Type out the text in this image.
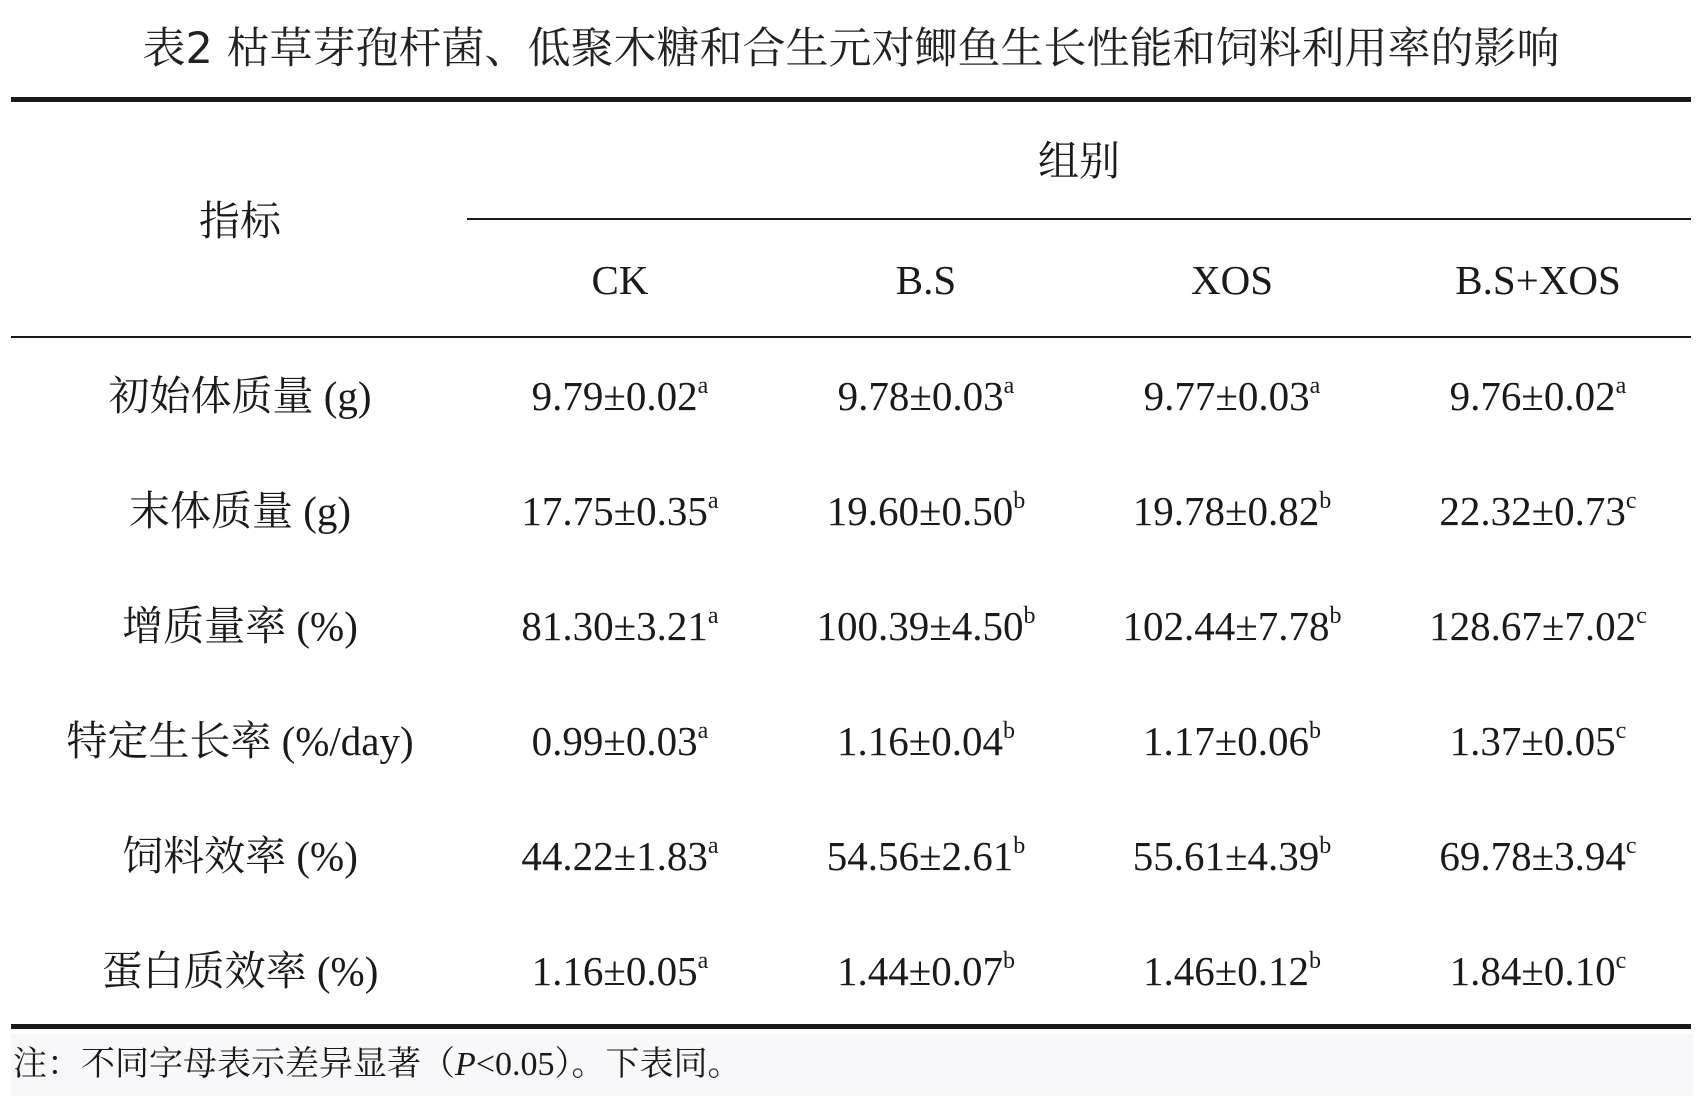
表2 枯草芽孢杆菌、低聚木糖和合生元对鲫鱼生长性能和饲料利用率的影响
指标
组别
CK	B.S	XOS	B.S+XOS
初始体质量 (g)	9.79±0.02$^a$	9.78±0.03$^a$	9.77±0.03$^a$	9.76±0.02$^a$
末体质量 (g)	17.75±0.35$^a$	19.60±0.50$^b$	19.78±0.82$^b$	22.32±0.73$^c$
增质量率 (%)	81.30±3.21$^a$	100.39±4.50$^b$	102.44±7.78$^b$	128.67±7.02$^c$
特定生长率 (%/day)	0.99±0.03$^a$	1.16±0.04$^b$	1.17±0.06$^b$	1.37±0.05$^c$
饲料效率 (%)	44.22±1.83$^a$	54.56±2.61$^b$	55.61±4.39$^b$	69.78±3.94$^c$
蛋白质效率 (%)	1.16±0.05$^a$	1.44±0.07$^b$	1.46±0.12$^b$	1.84±0.10$^c$
注：不同字母表示差异显著（P<0.05）。下表同。
